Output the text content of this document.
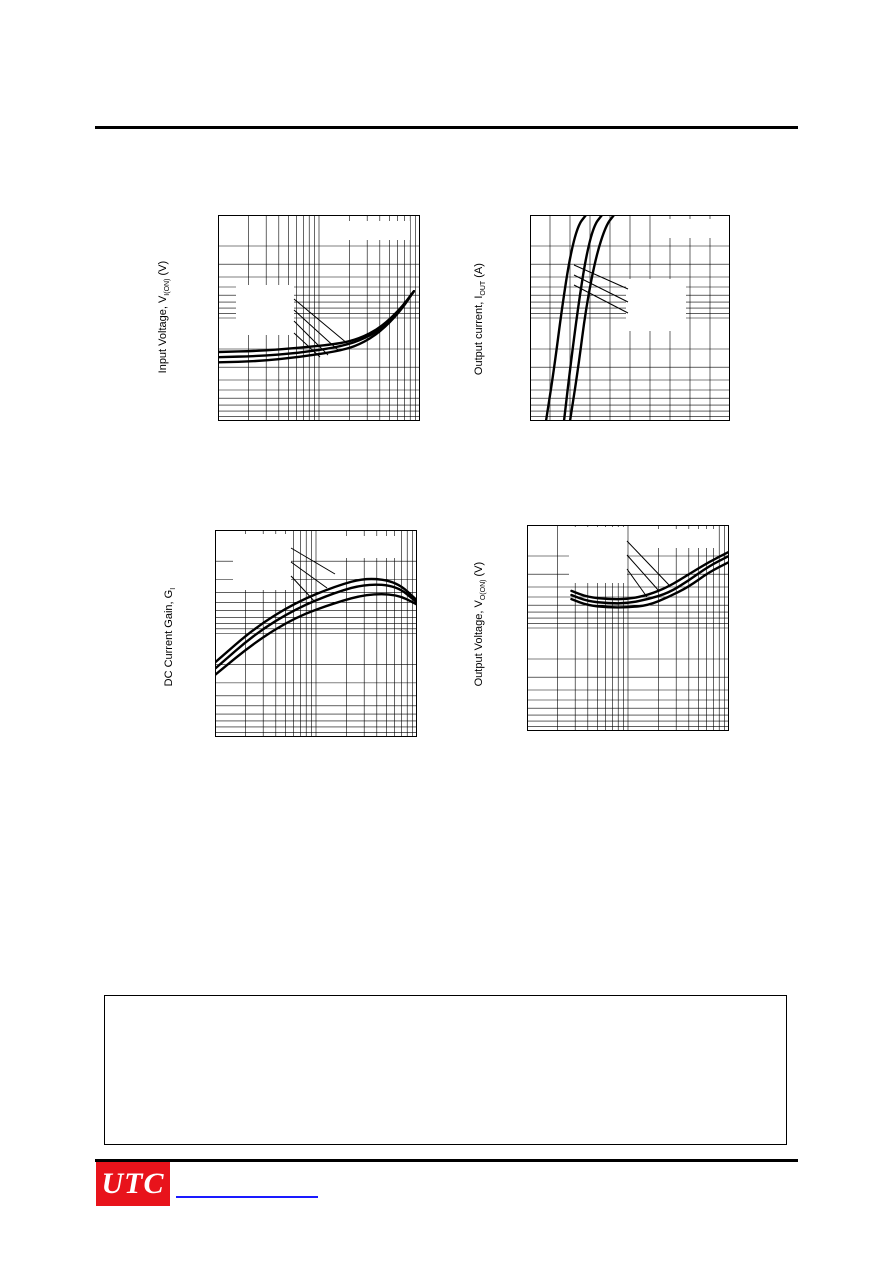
Input Voltage, $V_{I(ON)}$ (V)
Output current, $I_{OUT}$ (A)
DC Current Gain, $G_I$
Output Voltage, $V_{O(ON)}$ (V)
UTC
